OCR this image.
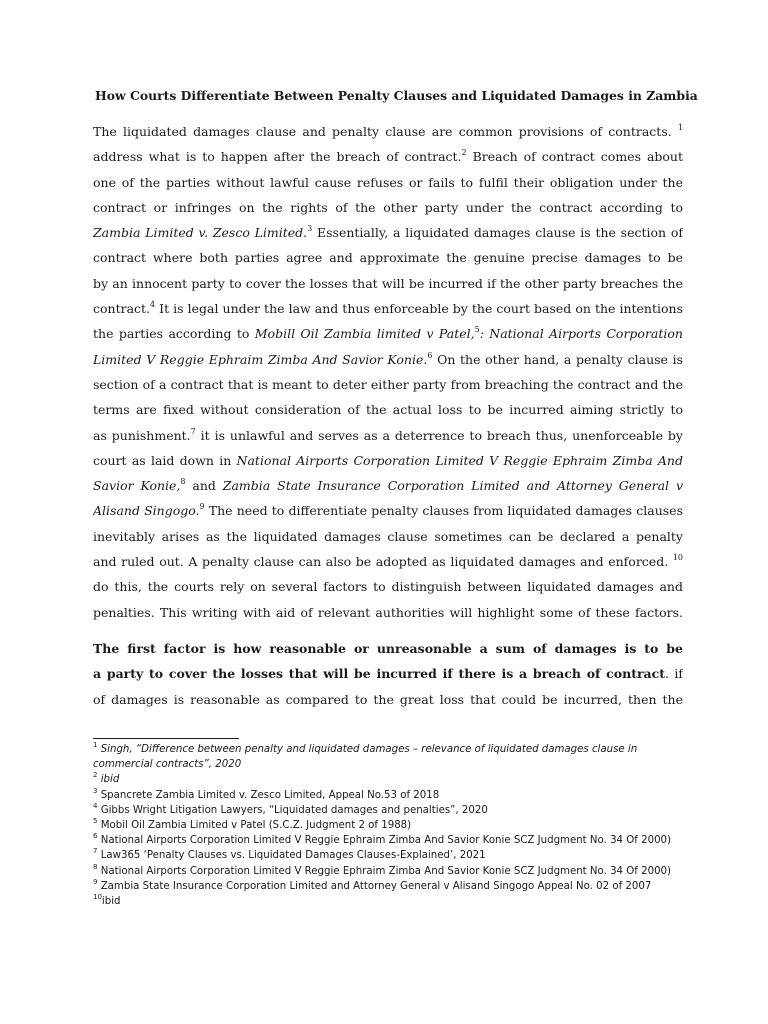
How Courts Differentiate Between Penalty Clauses and Liquidated Damages in Zambia
The liquidated damages clause and penalty clause are common provisions of contracts. $^1$
address what is to happen after the breach of contract.$^2$ Breach of contract comes about
one of the parties without lawful cause refuses or fails to fulfil their obligation under the
contract or infringes on the rights of the other party under the contract according to
Zambia Limited v. Zesco Limited.$^3$ Essentially, a liquidated damages clause is the section of
contract where both parties agree and approximate the genuine precise damages to be
by an innocent party to cover the losses that will be incurred if the other party breaches the
contract.$^4$ It is legal under the law and thus enforceable by the court based on the intentions
the parties according to Mobill Oil Zambia limited v Patel,$^5$: National Airports Corporation
Limited V Reggie Ephraim Zimba And Savior Konie.$^6$ On the other hand, a penalty clause is
section of a contract that is meant to deter either party from breaching the contract and the
terms are fixed without consideration of the actual loss to be incurred aiming strictly to
as punishment.$^7$ it is unlawful and serves as a deterrence to breach thus, unenforceable by
court as laid down in National Airports Corporation Limited V Reggie Ephraim Zimba And
Savior Konie,$^8$ and Zambia State Insurance Corporation Limited and Attorney General v
Alisand Singogo.$^9$ The need to differentiate penalty clauses from liquidated damages clauses
inevitably arises as the liquidated damages clause sometimes can be declared a penalty
and ruled out. A penalty clause can also be adopted as liquidated damages and enforced. $^{10}$
do this, the courts rely on several factors to distinguish between liquidated damages and
penalties. This writing with aid of relevant authorities will highlight some of these factors.
The first factor is how reasonable or unreasonable a sum of damages is to be
a party to cover the losses that will be incurred if there is a breach of contract. if
of damages is reasonable as compared to the great loss that could be incurred, then the
$^1$ Singh, “Difference between penalty and liquidated damages – relevance of liquidated damages clause in commercial contracts”, 2020
$^2$ ibid
$^3$ Spancrete Zambia Limited v. Zesco Limited, Appeal No.53 of 2018
$^4$ Gibbs Wright Litigation Lawyers, “Liquidated damages and penalties”, 2020
$^5$ Mobil Oil Zambia Limited v Patel (S.C.Z. Judgment 2 of 1988)
$^6$ National Airports Corporation Limited V Reggie Ephraim Zimba And Savior Konie SCZ Judgment No. 34 Of 2000)
$^7$ Law365 ‘Penalty Clauses vs. Liquidated Damages Clauses-Explained’, 2021
$^8$ National Airports Corporation Limited V Reggie Ephraim Zimba And Savior Konie SCZ Judgment No. 34 Of 2000)
$^9$ Zambia State Insurance Corporation Limited and Attorney General v Alisand Singogo Appeal No. 02 of 2007
$^{10}$ibid
